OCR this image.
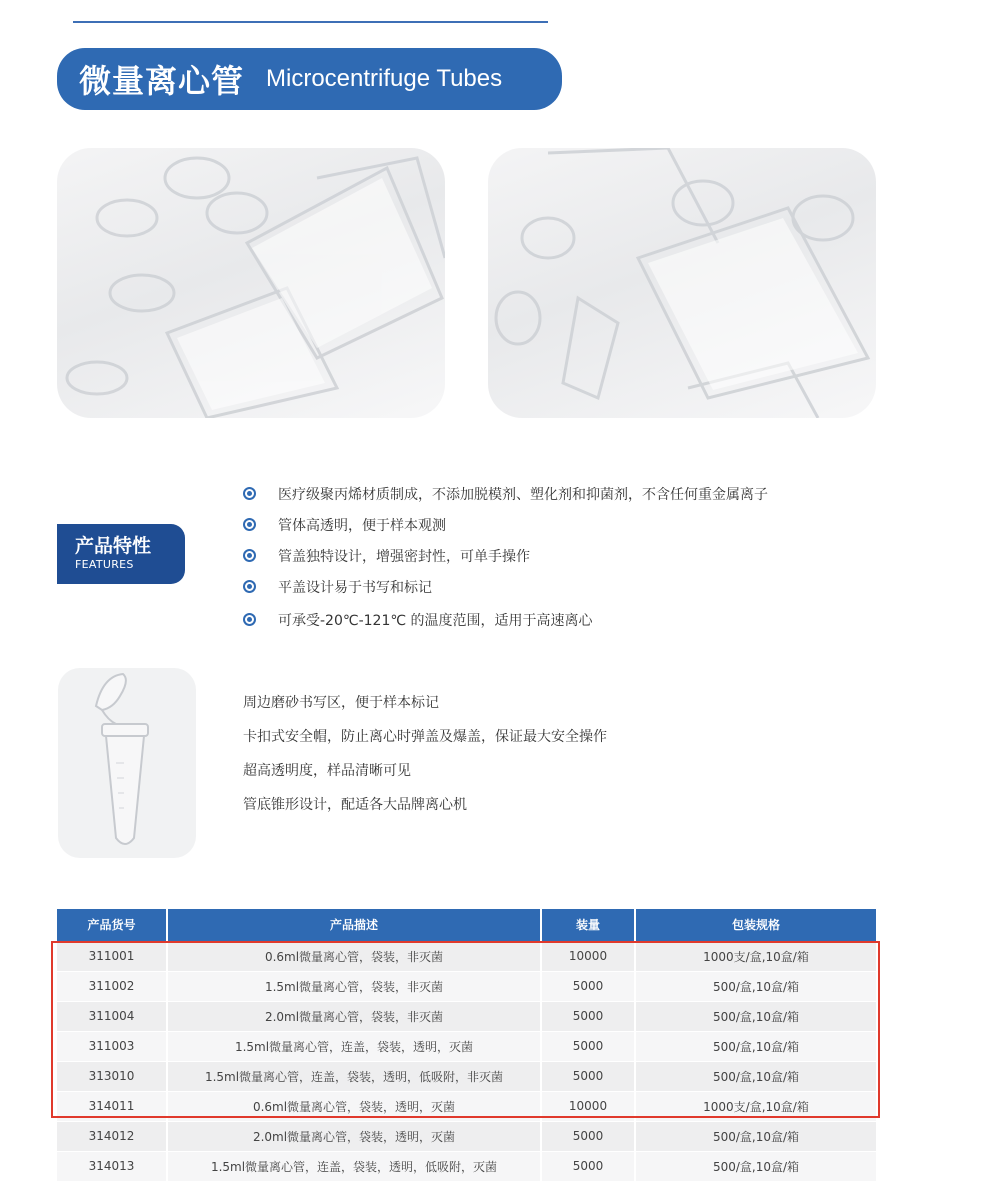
微量离心管 Microcentrifuge Tubes
产品特性
FEATURES
医疗级聚丙烯材质制成，不添加脱模剂、塑化剂和抑菌剂，不含任何重金属离子
管体高透明，便于样本观测
管盖独特设计，增强密封性，可单手操作
平盖设计易于书写和标记
可承受-20℃-121℃ 的温度范围，适用于高速离心
周边磨砂书写区，便于样本标记
卡扣式安全帽，防止离心时弹盖及爆盖，保证最大安全操作
超高透明度，样品清晰可见
管底锥形设计，配适各大品牌离心机
产品货号	产品描述	装量	包装规格
311001	0.6ml微量离心管，袋装，非灭菌	10000	1000支/盒,10盒/箱
311002	1.5ml微量离心管，袋装，非灭菌	5000	500/盒,10盒/箱
311004	2.0ml微量离心管，袋装，非灭菌	5000	500/盒,10盒/箱
311003	1.5ml微量离心管，连盖，袋装，透明，灭菌	5000	500/盒,10盒/箱
313010	1.5ml微量离心管，连盖，袋装，透明，低吸附，非灭菌	5000	500/盒,10盒/箱
314011	0.6ml微量离心管，袋装，透明，灭菌	10000	1000支/盒,10盒/箱
314012	2.0ml微量离心管，袋装，透明，灭菌	5000	500/盒,10盒/箱
314013	1.5ml微量离心管，连盖，袋装，透明，低吸附，灭菌	5000	500/盒,10盒/箱
